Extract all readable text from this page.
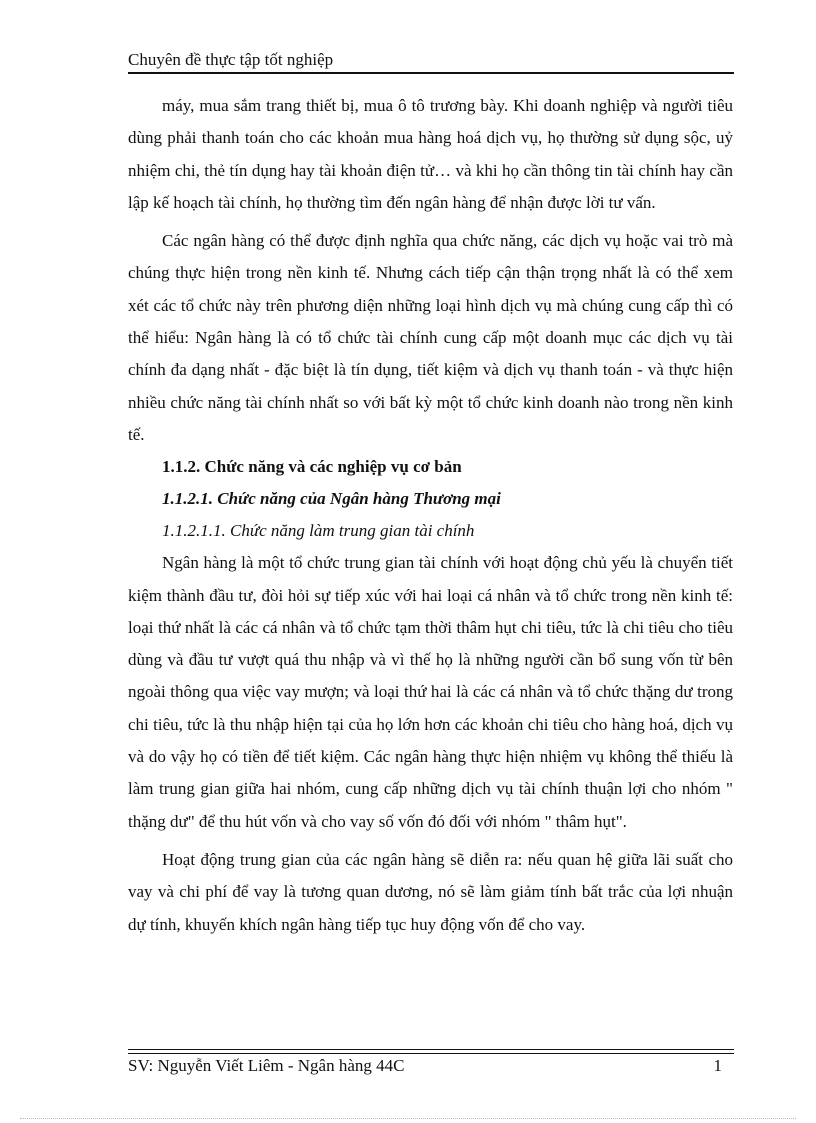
Chuyên đề thực tập tốt nghiệp

máy, mua sắm trang thiết bị, mua ô tô trương bày. Khi doanh nghiệp và người tiêu dùng phải thanh toán cho các khoản mua hàng hoá dịch vụ, họ thường sử dụng sộc, uỷ nhiệm chi, thẻ tín dụng hay tài khoản điện tử… và khi họ cần thông tin tài chính hay cần lập kế hoạch tài chính, họ thường tìm đến ngân hàng để nhận được lời tư vấn.

Các ngân hàng có thể được định nghĩa qua chức năng, các dịch vụ hoặc vai trò mà chúng thực hiện trong nền kinh tế. Nhưng cách tiếp cận thận trọng nhất là có thể xem xét các tổ chức này trên phương diện những loại hình dịch vụ mà chúng cung cấp thì có thể hiểu: Ngân hàng là có tổ chức tài chính cung cấp một doanh mục các dịch vụ tài chính đa dạng nhất - đặc biệt là tín dụng, tiết kiệm và dịch vụ thanh toán - và thực hiện nhiều chức năng tài chính nhất so với bất kỳ một tổ chức kinh doanh nào trong nền kinh tế.

1.1.2. Chức năng và các nghiệp vụ cơ bản

1.1.2.1. Chức năng của Ngân hàng Thương mại

1.1.2.1.1. Chức năng làm trung gian tài chính

Ngân hàng là một tổ chức trung gian tài chính với hoạt động chủ yếu là chuyển tiết kiệm thành đầu tư, đòi hỏi sự tiếp xúc với hai loại cá nhân và tổ chức trong nền kinh tế: loại thứ nhất là các cá nhân và tổ chức tạm thời thâm hụt chi tiêu, tức là chi tiêu cho tiêu dùng và đầu tư vượt quá thu nhập và vì thế họ là những người cần bổ sung vốn từ bên ngoài thông qua việc vay mượn; và loại thứ hai là các cá nhân và tổ chức thặng dư trong chi tiêu, tức là thu nhập hiện tại của họ lớn hơn các khoản chi tiêu cho hàng hoá, dịch vụ và do vậy họ có tiền để tiết kiệm. Các ngân hàng thực hiện nhiệm vụ không thể thiếu là làm trung gian giữa hai nhóm, cung cấp những dịch vụ tài chính thuận lợi cho nhóm " thặng dư" để thu hút vốn và cho vay số vốn đó đối với nhóm " thâm hụt".

Hoạt động trung gian của các ngân hàng sẽ diễn ra: nếu quan hệ giữa lãi suất cho vay và chi phí để vay là tương quan dương, nó sẽ làm giảm tính bất trắc của lợi nhuận dự tính, khuyến khích ngân hàng tiếp tục huy động vốn để cho vay.

SV: Nguyễn Viết Liêm - Ngân hàng 44C	1
